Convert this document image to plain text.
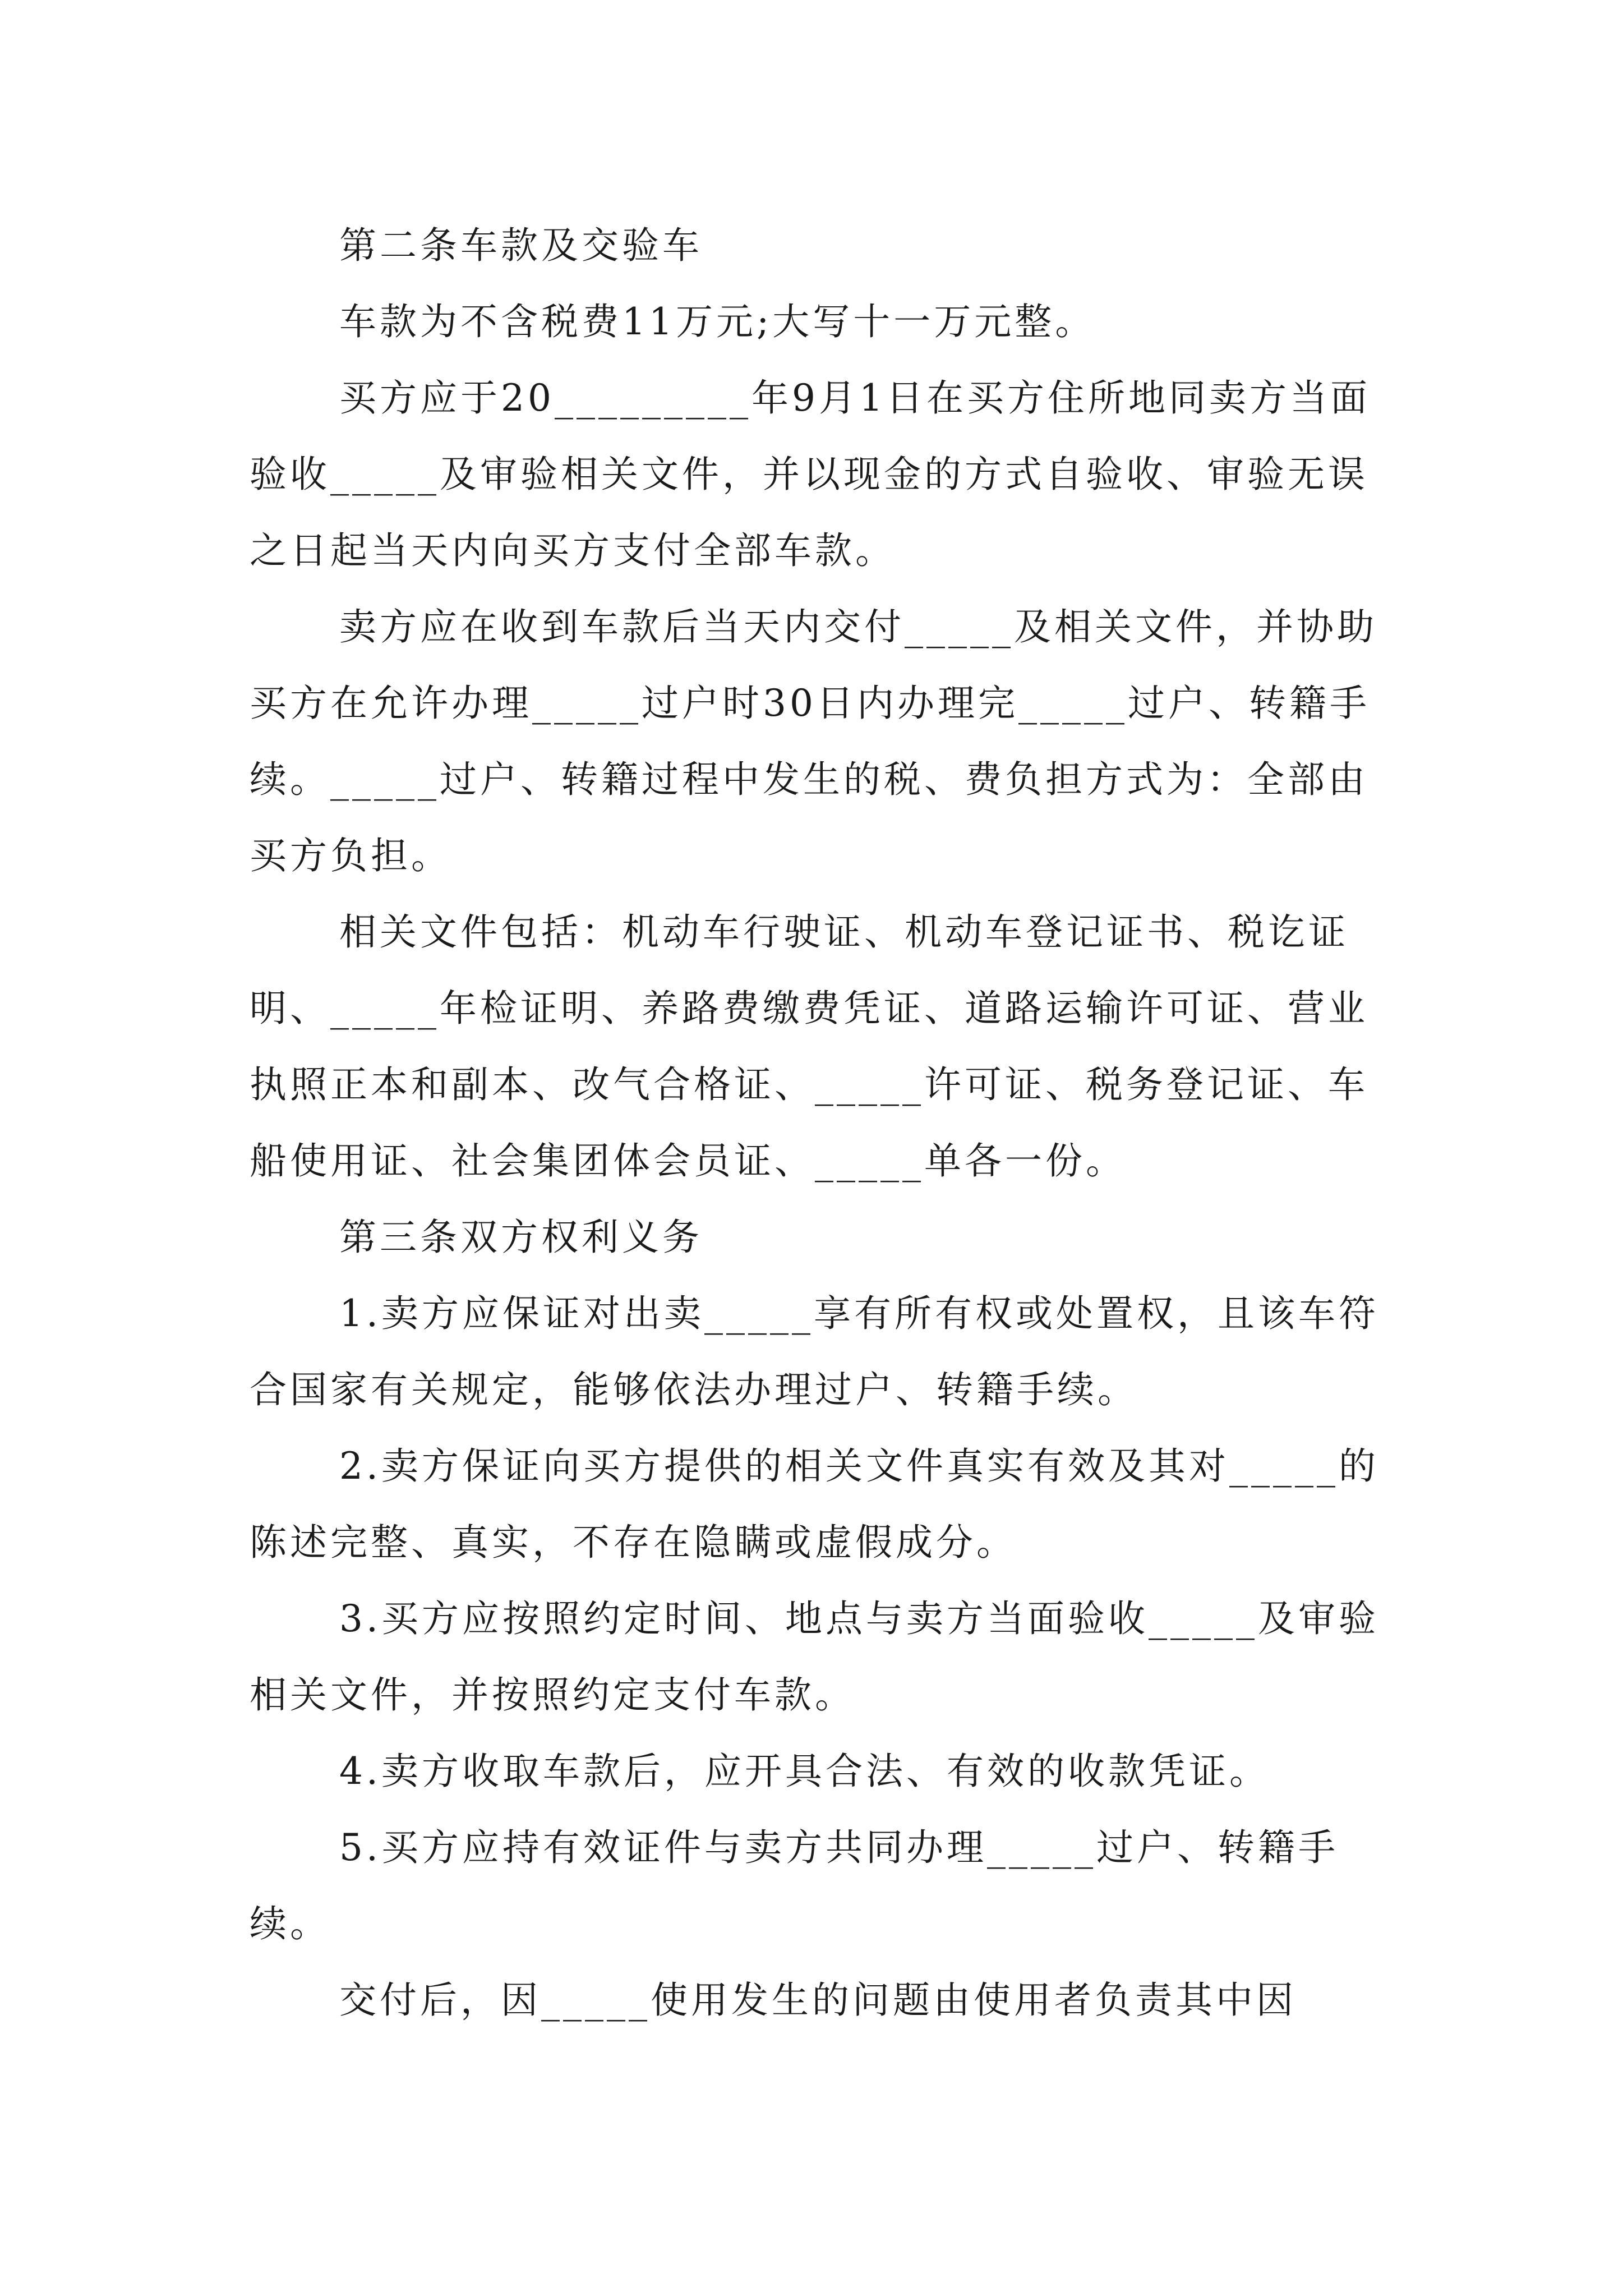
第二条车款及交验车

车款为不含税费11万元;大写十一万元整。

买方应于20_________年9月1日在买方住所地同卖方当面验收_____及审验相关文件，并以现金的方式自验收、审验无误之日起当天内向买方支付全部车款。

卖方应在收到车款后当天内交付_____及相关文件，并协助买方在允许办理_____过户时30日内办理完_____过户、转籍手续。_____过户、转籍过程中发生的税、费负担方式为：全部由买方负担。

相关文件包括：机动车行驶证、机动车登记证书、税讫证明、_____年检证明、养路费缴费凭证、道路运输许可证、营业执照正本和副本、改气合格证、_____许可证、税务登记证、车船使用证、社会集团体会员证、_____单各一份。

第三条双方权利义务

1.卖方应保证对出卖_____享有所有权或处置权，且该车符合国家有关规定，能够依法办理过户、转籍手续。

2.卖方保证向买方提供的相关文件真实有效及其对_____的陈述完整、真实，不存在隐瞒或虚假成分。

3.买方应按照约定时间、地点与卖方当面验收_____及审验相关文件，并按照约定支付车款。

4.卖方收取车款后，应开具合法、有效的收款凭证。

5.买方应持有效证件与卖方共同办理_____过户、转籍手续。

交付后，因_____使用发生的问题由使用者负责其中因
